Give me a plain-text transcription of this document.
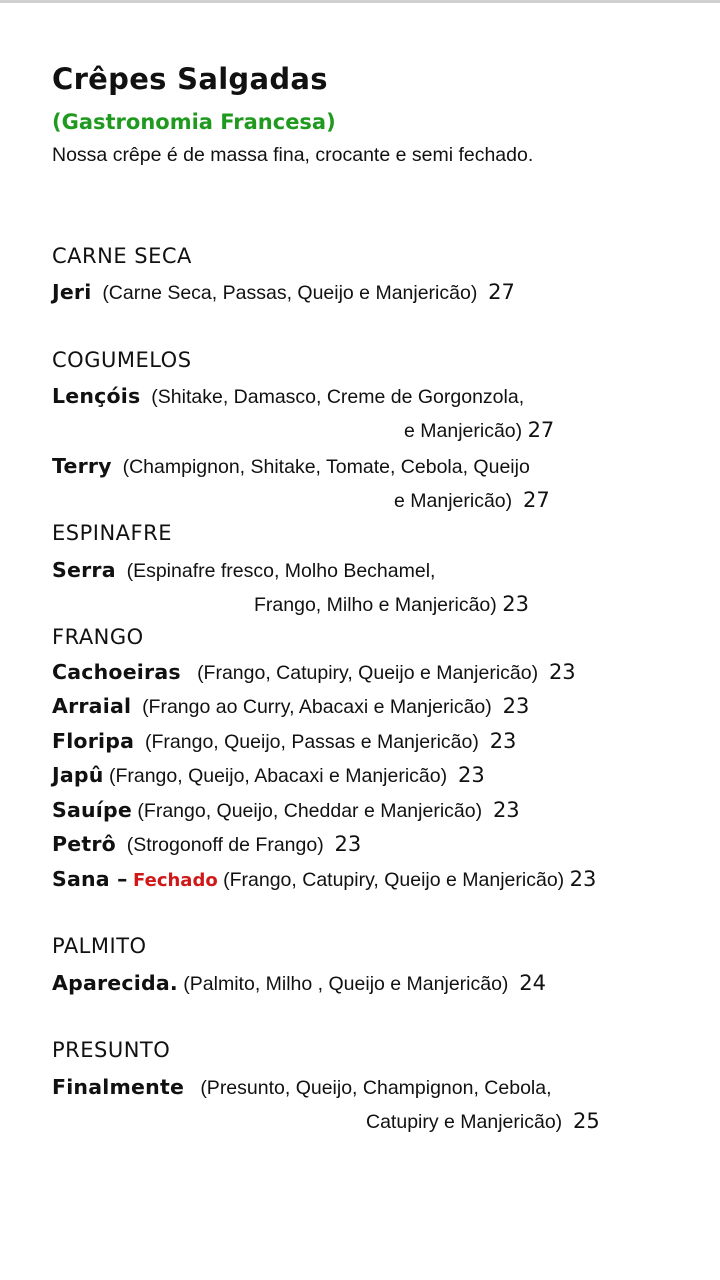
Crêpes Salgadas
(Gastronomia Francesa)
Nossa crêpe é de massa fina, crocante e semi fechado.
CARNE SECA
Jeri (Carne Seca, Passas, Queijo e Manjericão) 27
COGUMELOS
Lençóis (Shitake, Damasco, Creme de Gorgonzola,
e Manjericão) 27
Terry (Champignon, Shitake, Tomate, Cebola, Queijo
e Manjericão) 27
ESPINAFRE
Serra (Espinafre fresco, Molho Bechamel,
Frango, Milho e Manjericão) 23
FRANGO
Cachoeiras (Frango, Catupiry, Queijo e Manjericão) 23
Arraial (Frango ao Curry, Abacaxi e Manjericão) 23
Floripa (Frango, Queijo, Passas e Manjericão) 23
Japû (Frango, Queijo, Abacaxi e Manjericão) 23
Sauípe (Frango, Queijo, Cheddar e Manjericão) 23
Petrô (Strogonoff de Frango) 23
Sana – Fechado (Frango, Catupiry, Queijo e Manjericão) 23
PALMITO
Aparecida. (Palmito, Milho , Queijo e Manjericão) 24
PRESUNTO
Finalmente (Presunto, Queijo, Champignon, Cebola,
Catupiry e Manjericão) 25
